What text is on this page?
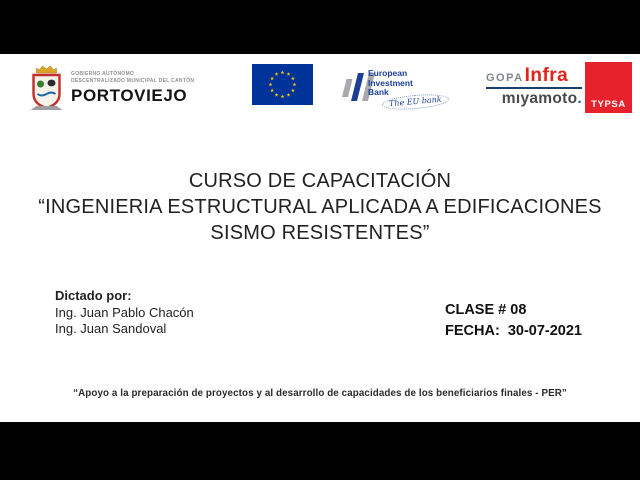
GOBIERNO AUTÓNOMO
DESCENTRALIZADO MUNICIPAL DEL CANTÓN
PORTOVIEJO
European
Investment
Bank
The EU bank
GOPA Infra
mıyamoto. TYPSA
CURSO DE CAPACITACIÓN
“INGENIERIA ESTRUCTURAL APLICADA A EDIFICACIONES
SISMO RESISTENTES”
Dictado por:
Ing. Juan Pablo Chacón
Ing. Juan Sandoval
CLASE # 08
FECHA:  30-07-2021
“Apoyo a la preparación de proyectos y al desarrollo de capacidades de los beneficiarios finales - PER”
